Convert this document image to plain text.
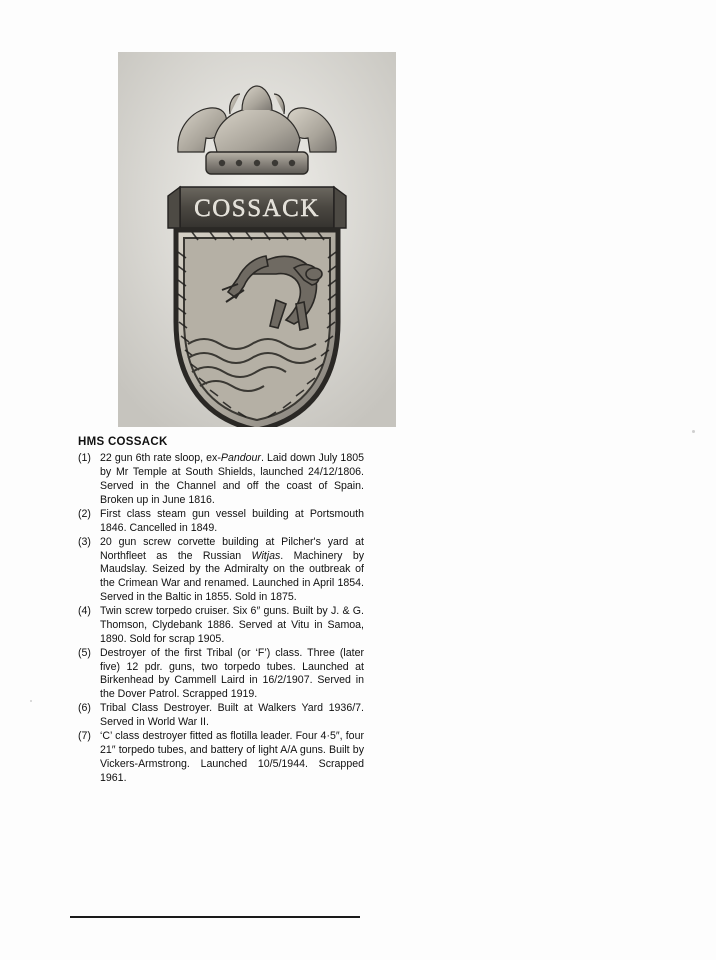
COSSACK
HMS COSSACK
(1) 22 gun 6th rate sloop, ex-Pandour. Laid down July 1805 by Mr Temple at South Shields, launched 24/12/1806. Served in the Channel and off the coast of Spain. Broken up in June 1816.
(2) First class steam gun vessel building at Portsmouth 1846. Cancelled in 1849.
(3) 20 gun screw corvette building at Pilcher's yard at Northfleet as the Russian Witjas. Machinery by Maudslay. Seized by the Admiralty on the outbreak of the Crimean War and renamed. Launched in April 1854. Served in the Baltic in 1855. Sold in 1875.
(4) Twin screw torpedo cruiser. Six 6″ guns. Built by J. & G. Thomson, Clydebank 1886. Served at Vitu in Samoa, 1890. Sold for scrap 1905.
(5) Destroyer of the first Tribal (or ‘F’) class. Three (later five) 12 pdr. guns, two torpedo tubes. Launched at Birkenhead by Cammell Laird in 16/2/1907. Served in the Dover Patrol. Scrapped 1919.
(6) Tribal Class Destroyer. Built at Walkers Yard 1936/7. Served in World War II.
(7) ‘C’ class destroyer fitted as flotilla leader. Four 4·5″, four 21″ torpedo tubes, and battery of light A/A guns. Built by Vickers-Armstrong. Launched 10/5/1944. Scrapped 1961.
